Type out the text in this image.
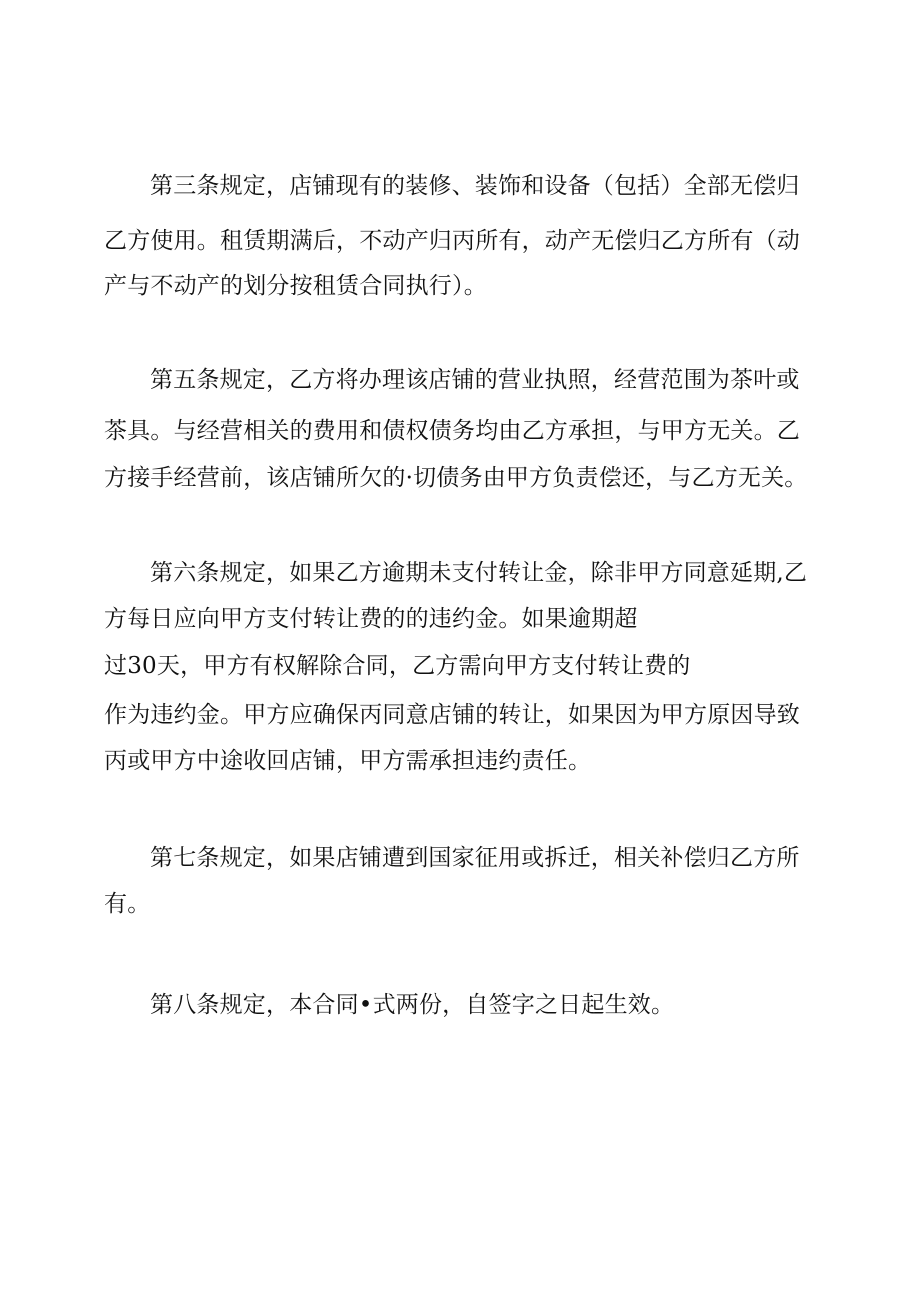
第三条规定，店铺现有的装修、装饰和设备（包括）全部无偿归
乙方使用。租赁期满后，不动产归丙所有，动产无偿归乙方所有（动
产与不动产的划分按租赁合同执行）。
第五条规定，乙方将办理该店铺的营业执照，经营范围为茶叶或
茶具。与经营相关的费用和债权债务均由乙方承担，与甲方无关。乙
方接手经营前，该店铺所欠的·切债务由甲方负责偿还，与乙方无关。
第六条规定，如果乙方逾期未支付转让金，除非甲方同意延期,乙
方每日应向甲方支付转让费的的违约金。如果逾期超
过30天，甲方有权解除合同，乙方需向甲方支付转让费的
作为违约金。甲方应确保丙同意店铺的转让，如果因为甲方原因导致
丙或甲方中途收回店铺，甲方需承担违约责任。
第七条规定，如果店铺遭到国家征用或拆迁，相关补偿归乙方所
有。
第八条规定，本合同•式两份，自签字之日起生效。
